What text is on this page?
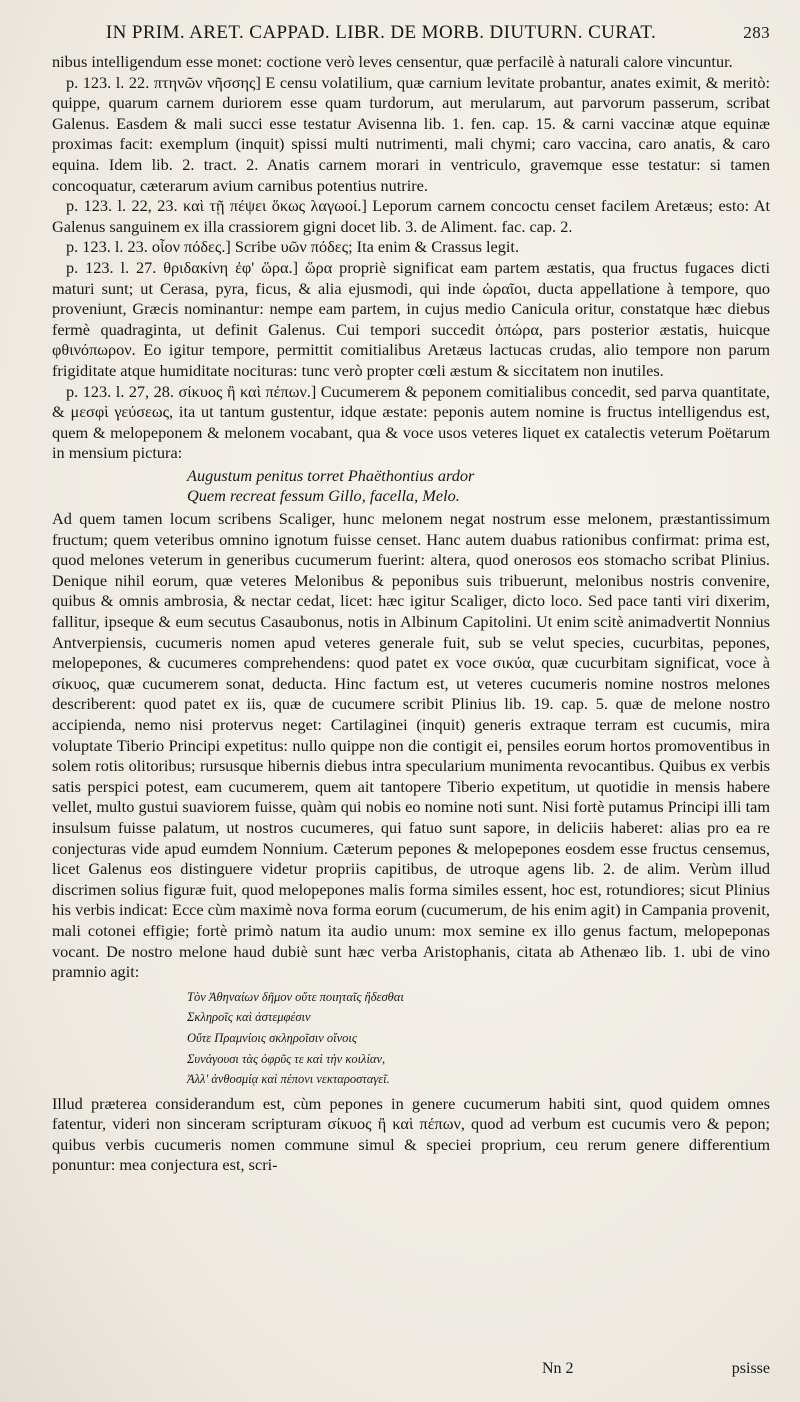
IN PRIM. ARET. CAPPAD. LIBR. DE MORB. DIUTURN. CURAT.	283

nibus intelligendum esse monet: coctione verò leves censentur, quæ perfacilè à naturali calore vincuntur.

p. 123. l. 22. πτηνῶν νῆσσης] E censu volatilium, quæ carnium levitate probantur, anates eximit, & meritò: quippe, quarum carnem duriorem esse quam turdorum, aut merularum, aut parvorum passerum, scribat Galenus. Easdem & mali succi esse testatur Avisenna lib. 1. fen. cap. 15. & carni vaccinæ atque equinæ proximas facit: exemplum (inquit) spissi multi nutrimenti, mali chymi; caro vaccina, caro anatis, & caro equina. Idem lib. 2. tract. 2. Anatis carnem morari in ventriculo, gravemque esse testatur: si tamen concoquatur, cæterarum avium carnibus potentius nutrire.

p. 123. l. 22, 23. καὶ τῇ πέψει ὅκως λαγωοί.] Leporum carnem concoctu censet facilem Aretæus; esto: At Galenus sanguinem ex illa crassiorem gigni docet lib. 3. de Aliment. fac. cap. 2.

p. 123. l. 23. οἷον πόδες.] Scribe υῶν πόδες; Ita enim & Crassus legit.

p. 123. l. 27. θριδακίνη ἐφ' ὥρα.] ὥρα propriè significat eam partem æstatis, qua fructus fugaces dicti maturi sunt; ut Cerasa, pyra, ficus, & alia ejusmodi, qui inde ὡραῖοι, ducta appellatione à tempore, quo proveniunt, Græcis nominantur: nempe eam partem, in cujus medio Canicula oritur, constatque hæc diebus fermè quadraginta, ut definit Galenus. Cui tempori succedit ὀπώρα, pars posterior æstatis, huicque φθινόπωρον. Eo igitur tempore, permittit comitialibus Aretæus lactucas crudas, alio tempore non parum frigiditate atque humiditate nocituras: tunc verò propter cœli æstum & siccitatem non inutiles.

p. 123. l. 27, 28. σίκυος ἢ καὶ πέπων.] Cucumerem & peponem comitialibus concedit, sed parva quantitate, & μεσφὶ γεύσεως, ita ut tantum gustentur, idque æstate: peponis autem nomine is fructus intelligendus est, quem & melopeponem & melonem vocabant, qua & voce usos veteres liquet ex catalectis veterum Poëtarum in mensium pictura:

Augustum penitus torret Phaëthontius ardor
Quem recreat fessum Gillo, facella, Melo.

Ad quem tamen locum scribens Scaliger, hunc melonem negat nostrum esse melonem, præstantissimum fructum; quem veteribus omnino ignotum fuisse censet. Hanc autem duabus rationibus confirmat: prima est, quod melones veterum in generibus cucumerum fuerint: altera, quod onerosos eos stomacho scribat Plinius. Denique nihil eorum, quæ veteres Melonibus & peponibus suis tribuerunt, melonibus nostris convenire, quibus & omnis ambrosia, & nectar cedat, licet: hæc igitur Scaliger, dicto loco. Sed pace tanti viri dixerim, fallitur, ipseque & eum secutus Casaubonus, notis in Albinum Capitolini. Ut enim scitè animadvertit Nonnius Antverpiensis, cucumeris nomen apud veteres generale fuit, sub se velut species, cucurbitas, pepones, melopepones, & cucumeres comprehendens: quod patet ex voce σικύα, quæ cucurbitam significat, voce à σίκυος, quæ cucumerem sonat, deducta. Hinc factum est, ut veteres cucumeris nomine nostros melones describerent: quod patet ex iis, quæ de cucumere scribit Plinius lib. 19. cap. 5. quæ de melone nostro accipienda, nemo nisi protervus neget: Cartilaginei (inquit) generis extraque terram est cucumis, mira voluptate Tiberio Principi expetitus: nullo quippe non die contigit ei, pensiles eorum hortos promoventibus in solem rotis olitoribus; rursusque hibernis diebus intra specularium munimenta revocantibus. Quibus ex verbis satis perspici potest, eam cucumerem, quem ait tantopere Tiberio expetitum, ut quotidie in mensis habere vellet, multo gustui suaviorem fuisse, quàm qui nobis eo nomine noti sunt. Nisi fortè putamus Principi illi tam insulsum fuisse palatum, ut nostros cucumeres, qui fatuo sunt sapore, in deliciis haberet: alias pro ea re conjecturas vide apud eumdem Nonnium. Cæterum pepones & melopepones eosdem esse fructus censemus, licet Galenus eos distinguere videtur propriis capitibus, de utroque agens lib. 2. de alim. Verùm illud discrimen solius figuræ fuit, quod melopepones malis forma similes essent, hoc est, rotundiores; sicut Plinius his verbis indicat: Ecce cùm maximè nova forma eorum (cucumerum, de his enim agit) in Campania provenit, mali cotonei effigie; fortè primò natum ita audio unum: mox semine ex illo genus factum, melopeponas vocant. De nostro melone haud dubiè sunt hæc verba Aristophanis, citata ab Athenæo lib. 1. ubi de vino pramnio agit:

Τὸν Ἀθηναίων δῆμον οὔτε ποιηταῖς ἥδεσθαι
Σκληροῖς καὶ ἀστεμφέσιν
Οὔτε Πραμνίοις σκληροῖσιν οἴνοις
Συνάγουσι τὰς ὀφρῦς τε καὶ τὴν κοιλίαν,
Ἀλλ' ἀνθοσμίᾳ καὶ πέπονι νεκταροσταγεῖ.

Illud præterea considerandum est, cùm pepones in genere cucumerum habiti sint, quod quidem omnes fatentur, videri non sinceram scripturam σίκυος ἢ καὶ πέπων, quod ad verbum est cucumis vero & pepon; quibus verbis cucumeris nomen commune simul & speciei proprium, ceu rerum genere differentium ponuntur: mea conjectura est, scri-

Nn 2	psisse
